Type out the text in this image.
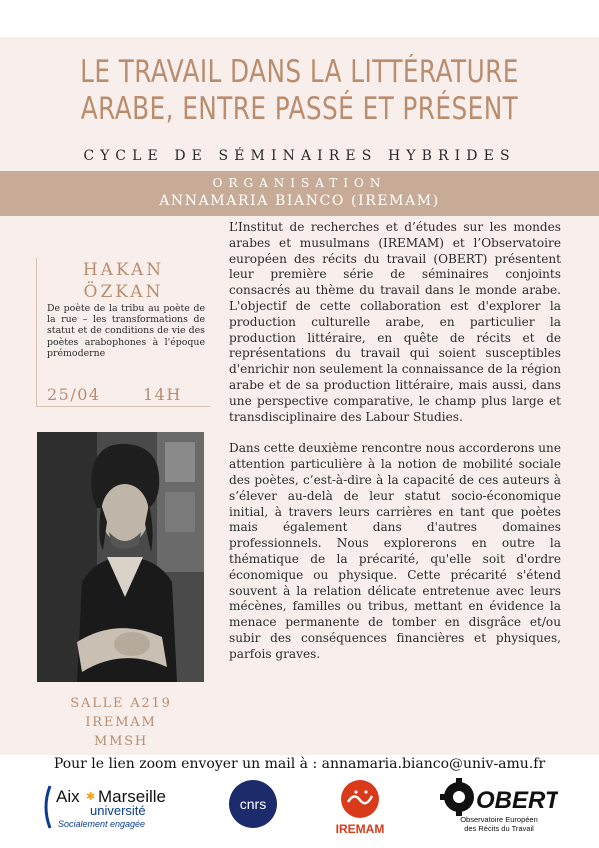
LE TRAVAIL DANS LA LITTÉRATURE
ARABE, ENTRE PASSÉ ET PRÉSENT
CYCLE DE SÉMINAIRES HYBRIDES
ORGANISATION
ANNAMARIA BIANCO (IREMAM)
HAKAN
ÖZKAN
De poète de la tribu au poète de la rue – les transformations de statut et de conditions de vie des poètes arabophones à l'époque prémoderne
25/04	14H
SALLE A219
IREMAM
MMSH

L’Institut de recherches et d’études sur les mondes arabes et musulmans (IREMAM) et l’Observatoire européen des récits du travail (OBERT) présentent leur première série de séminaires conjoints consacrés au thème du travail dans le monde arabe. L'objectif de cette collaboration est d'explorer la production culturelle arabe, en particulier la production littéraire, en quête de récits et de représentations du travail qui soient susceptibles d'enrichir non seulement la connaissance de la région arabe et de sa production littéraire, mais aussi, dans une perspective comparative, le champ plus large et transdisciplinaire des Labour Studies.

Dans cette deuxième rencontre nous accorderons une attention particulière à la notion de mobilité sociale des poètes, c’est-à-dire à la capacité de ces auteurs à s’élever au-delà de leur statut socio-économique initial, à travers leurs carrières en tant que poètes mais également dans d'autres domaines professionnels. Nous explorerons en outre la thématique de la précarité, qu'elle soit d'ordre économique ou physique. Cette précarité s'étend souvent à la relation délicate entretenue avec leurs mécènes, familles ou tribus, mettant en évidence la menace permanente de tomber en disgrâce et/ou subir des conséquences financières et physiques, parfois graves.

Pour le lien zoom envoyer un mail à : annamaria.bianco@univ-amu.fr
Aix ✱ Marseille
université
Socialement engagée
cnrs
IREMAM
OBERT
Observatoire Européen
des Récits du Travail
